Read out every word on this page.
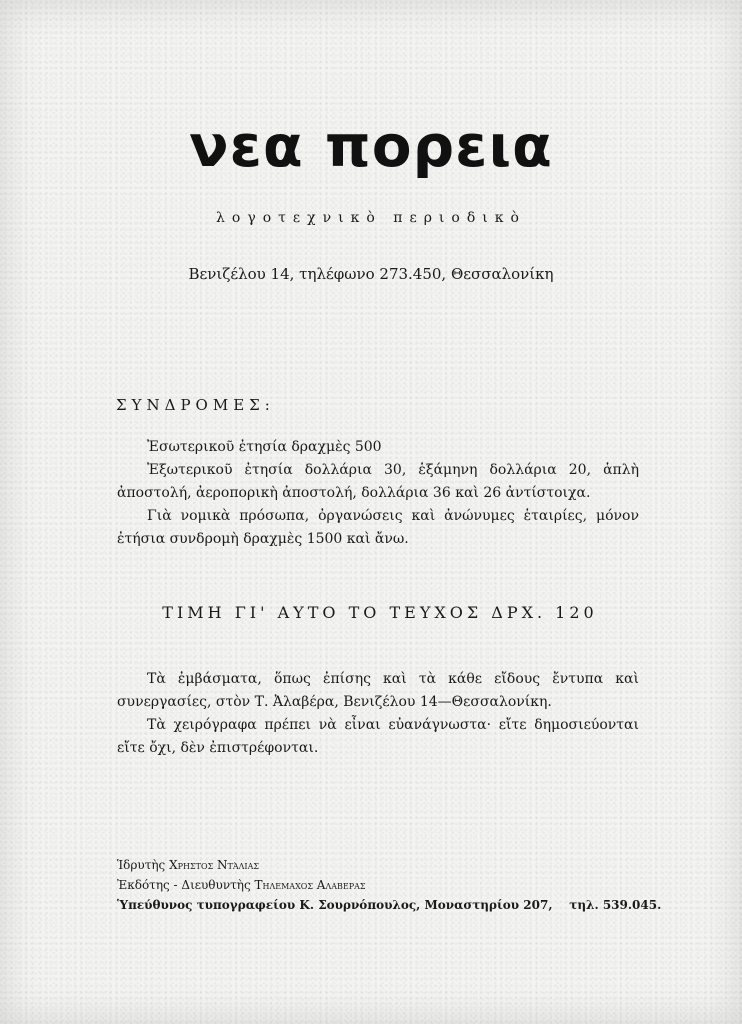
νεα πορεια
λογοτεχνικὸ περιοδικὸ
Βενιζέλου 14, τηλέφωνο 273.450, Θεσσαλονίκη
ΣΥΝΔΡΟΜΕΣ:

Ἐσωτερικοῦ ἐτησία δραχμὲς 500

Ἐξωτερικοῦ ἐτησία δολλάρια 30, ἑξάμηνη δολλάρια 20, ἁπλὴ ἀποστολή, ἀεροπορικὴ ἀποστολή, δολλάρια 36 καὶ 26 ἀντίστοιχα.

Γιὰ νομικὰ πρόσωπα, ὀργανώσεις καὶ ἀνώνυμες ἑταιρίες, μόνον ἐτήσια συνδρομὴ δραχμὲς 1500 καὶ ἄνω.

ΤΙΜΗ ΓΙ' ΑΥΤΟ ΤΟ ΤΕΥΧΟΣ ΔΡΧ. 120

Τὰ ἐμβάσματα, ὅπως ἐπίσης καὶ τὰ κάθε εἴδους ἔντυπα καὶ συνεργασίες, στὸν Τ. Ἀλαβέρα, Βενιζέλου 14—Θεσσαλονίκη.

Τὰ χειρόγραφα πρέπει νὰ εἶναι εὐανάγνωστα· εἴτε δημοσιεύονται εἴτε ὄχι, δὲν ἐπιστρέφονται.

Ἱδρυτὴς Χρηστος Ντάλιας
Ἐκδότης - Διευθυντὴς Τηλεμαχος Αλαβερας
Ὑπεύθυνος τυπογραφείου Κ. Σουρνόπουλος, Μοναστηρίου 207, τηλ. 539.045.
